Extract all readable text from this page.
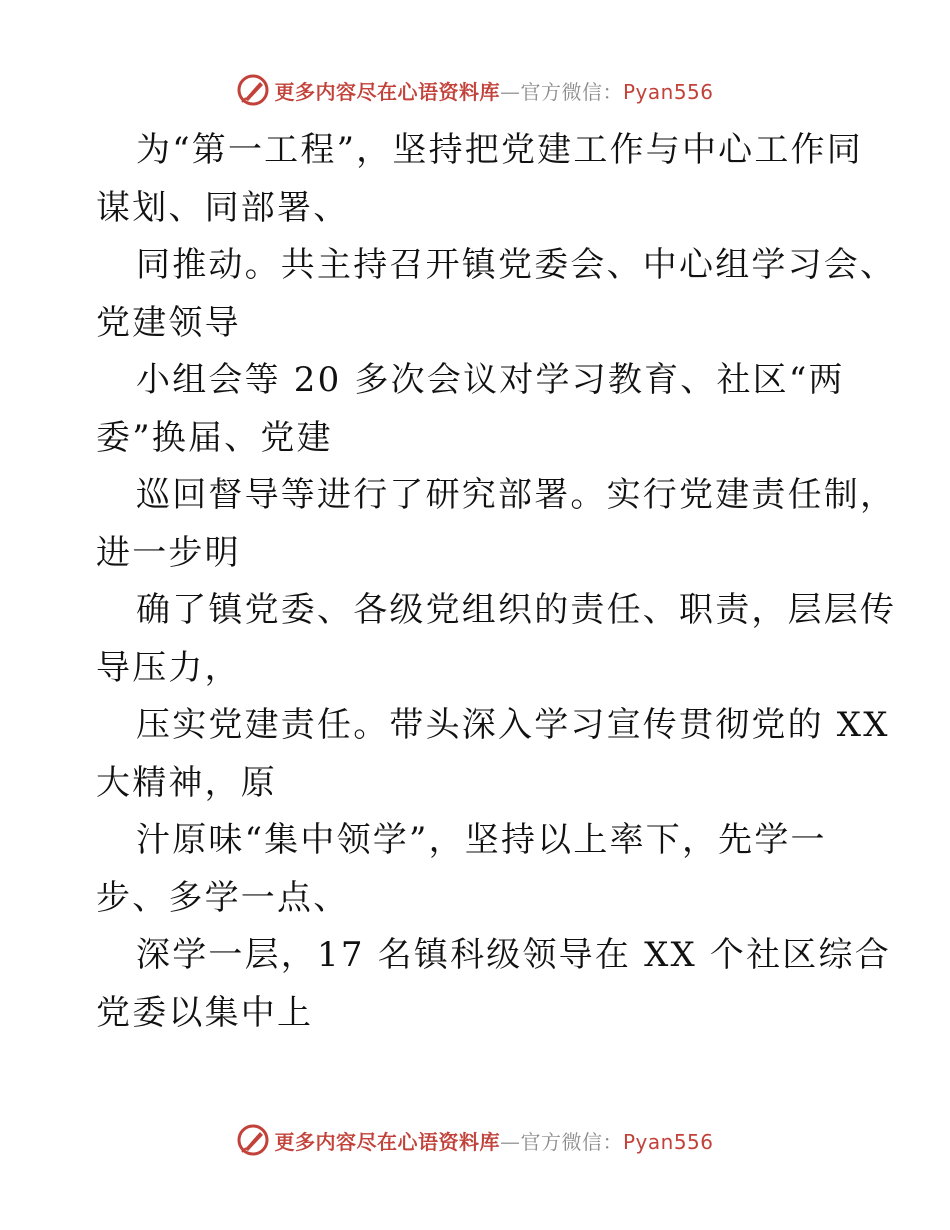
更多内容尽在心语资料库—官方微信：Pyan556
为“第一工程”，坚持把党建工作与中心工作同
谋划、同部署、
同推动。共主持召开镇党委会、中心组学习会、
党建领导
小组会等 20 多次会议对学习教育、社区“两
委”换届、党建
巡回督导等进行了研究部署。实行党建责任制，
进一步明
确了镇党委、各级党组织的责任、职责，层层传
导压力，
压实党建责任。带头深入学习宣传贯彻党的 XX
大精神，原
汁原味“集中领学”，坚持以上率下，先学一
步、多学一点、
深学一层，17 名镇科级领导在 XX 个社区综合
党委以集中上
更多内容尽在心语资料库—官方微信：Pyan556
